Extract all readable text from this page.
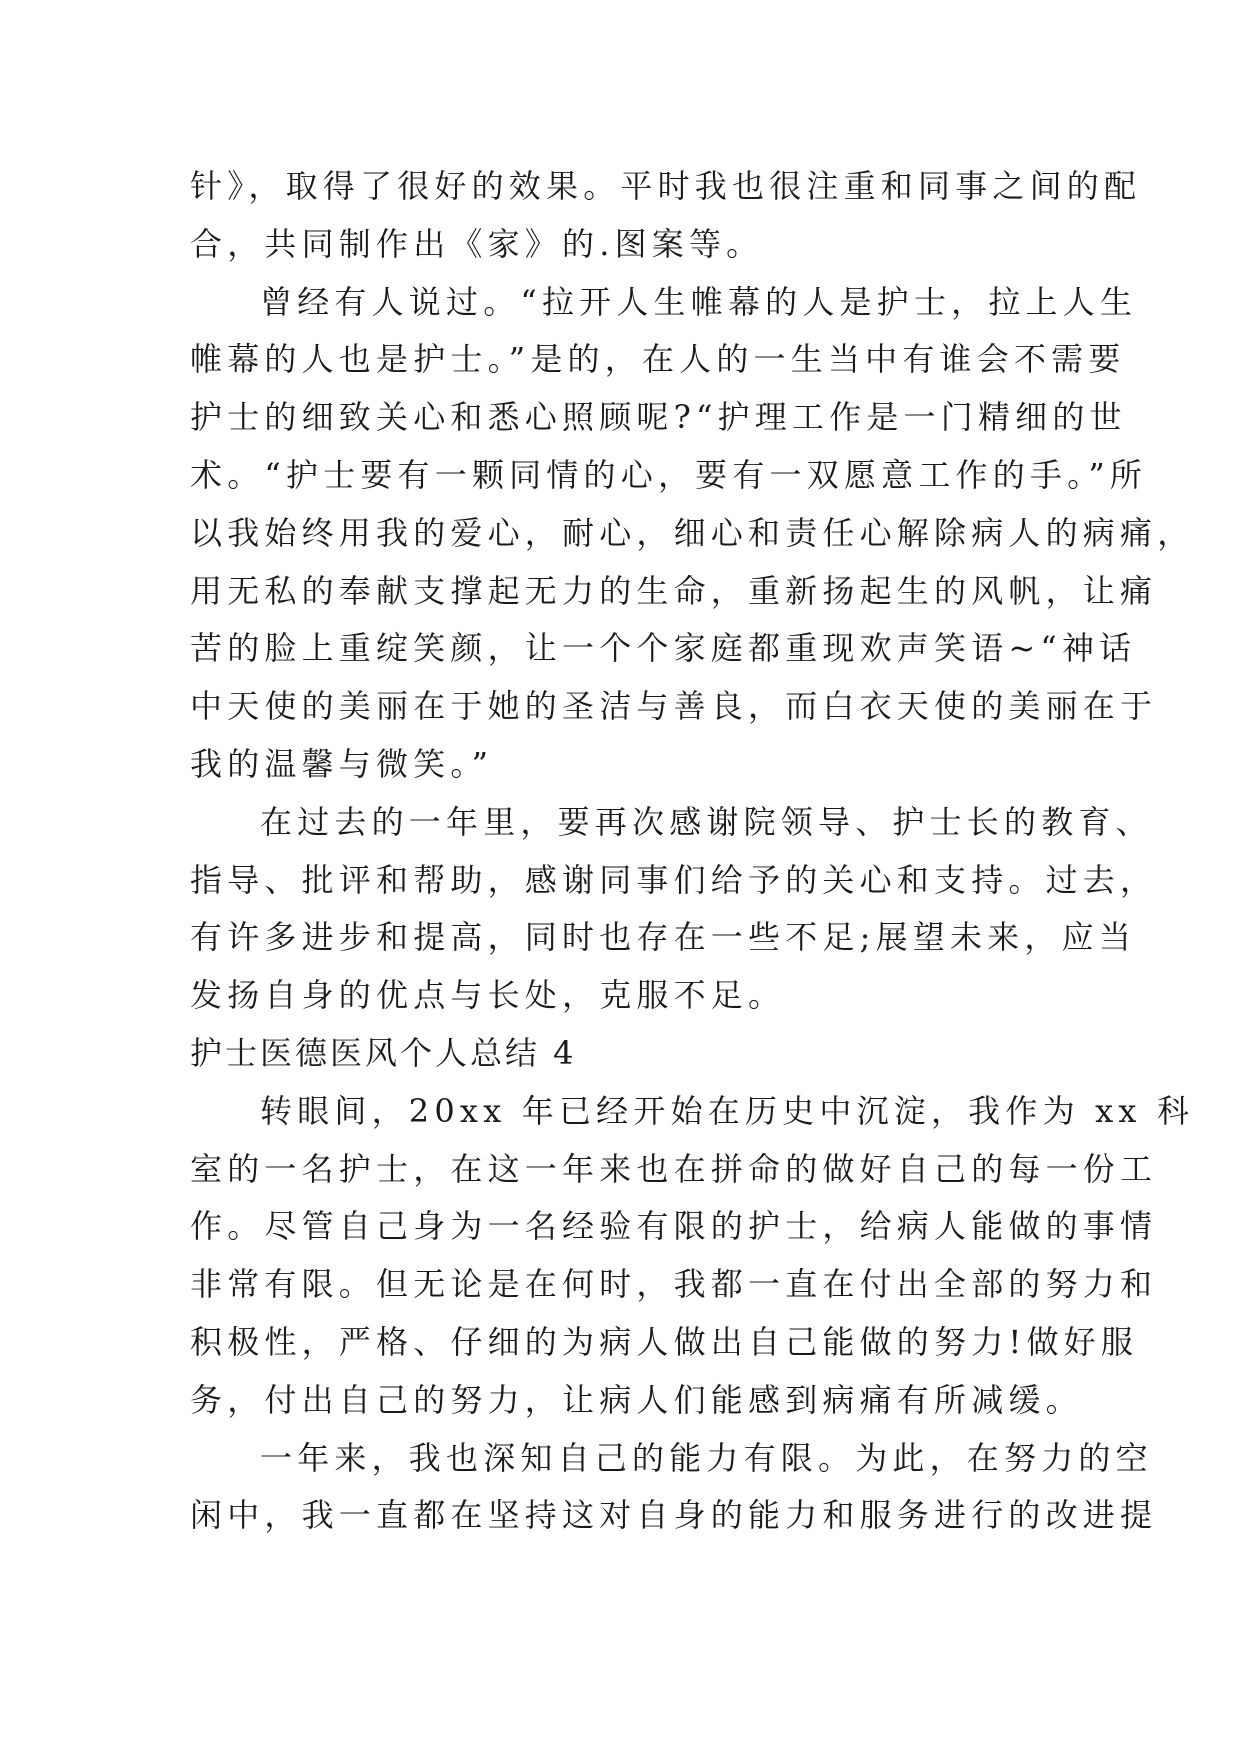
针》，取得了很好的效果。平时我也很注重和同事之间的配
合，共同制作出《家》的.图案等。
曾经有人说过。“拉开人生帷幕的人是护士，拉上人生
帷幕的人也是护士。”是的，在人的一生当中有谁会不需要
护士的细致关心和悉心照顾呢?“护理工作是一门精细的世
术。“护士要有一颗同情的心，要有一双愿意工作的手。”所
以我始终用我的爱心，耐心，细心和责任心解除病人的病痛，
用无私的奉献支撑起无力的生命，重新扬起生的风帆，让痛
苦的脸上重绽笑颜，让一个个家庭都重现欢声笑语~“神话
中天使的美丽在于她的圣洁与善良，而白衣天使的美丽在于
我的温馨与微笑。”
在过去的一年里，要再次感谢院领导、护士长的教育、
指导、批评和帮助，感谢同事们给予的关心和支持。过去，
有许多进步和提高，同时也存在一些不足;展望未来，应当
发扬自身的优点与长处，克服不足。
护士医德医风个人总结 4
转眼间，20xx 年已经开始在历史中沉淀，我作为 xx 科
室的一名护士，在这一年来也在拼命的做好自己的每一份工
作。尽管自己身为一名经验有限的护士，给病人能做的事情
非常有限。但无论是在何时，我都一直在付出全部的努力和
积极性，严格、仔细的为病人做出自己能做的努力!做好服
务，付出自己的努力，让病人们能感到病痛有所减缓。
一年来，我也深知自己的能力有限。为此，在努力的空
闲中，我一直都在坚持这对自身的能力和服务进行的改进提
